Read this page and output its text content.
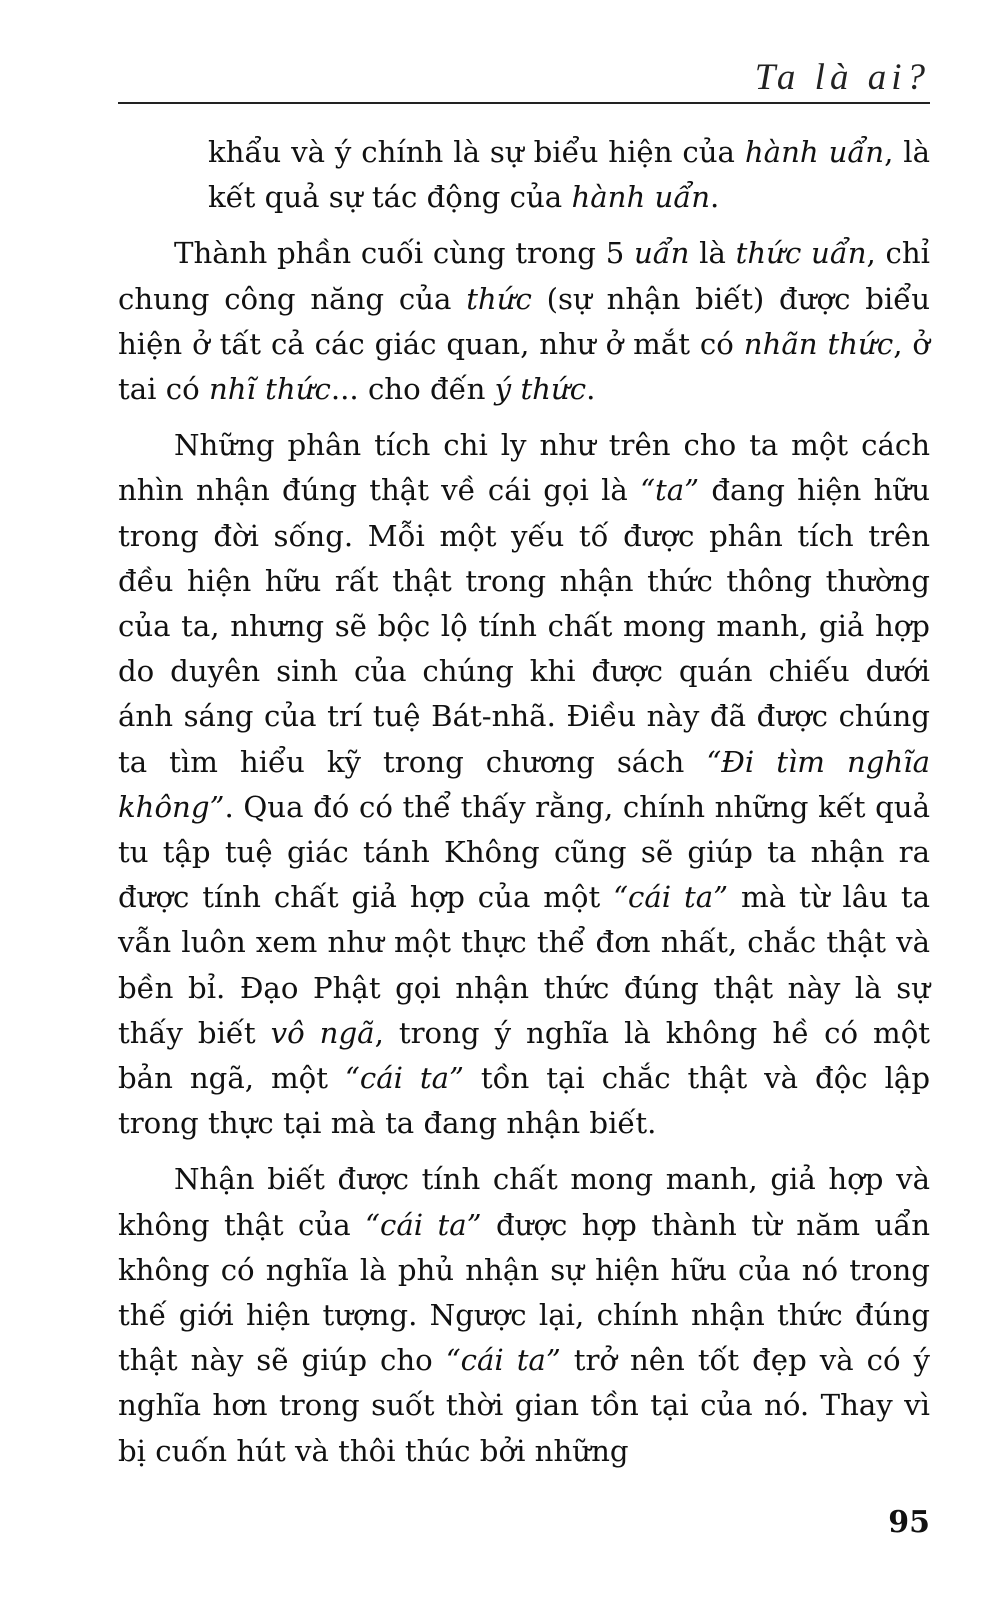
Ta là ai?

khẩu và ý chính là sự biểu hiện của hành uẩn, là kết quả sự tác động của hành uẩn.

Thành phần cuối cùng trong 5 uẩn là thức uẩn, chỉ chung công năng của thức (sự nhận biết) được biểu hiện ở tất cả các giác quan, như ở mắt có nhãn thức, ở tai có nhĩ thức... cho đến ý thức.

Những phân tích chi ly như trên cho ta một cách nhìn nhận đúng thật về cái gọi là “ta” đang hiện hữu trong đời sống. Mỗi một yếu tố được phân tích trên đều hiện hữu rất thật trong nhận thức thông thường của ta, nhưng sẽ bộc lộ tính chất mong manh, giả hợp do duyên sinh của chúng khi được quán chiếu dưới ánh sáng của trí tuệ Bát-nhã. Điều này đã được chúng ta tìm hiểu kỹ trong chương sách “Đi tìm nghĩa không”. Qua đó có thể thấy rằng, chính những kết quả tu tập tuệ giác tánh Không cũng sẽ giúp ta nhận ra được tính chất giả hợp của một “cái ta” mà từ lâu ta vẫn luôn xem như một thực thể đơn nhất, chắc thật và bền bỉ. Đạo Phật gọi nhận thức đúng thật này là sự thấy biết vô ngã, trong ý nghĩa là không hề có một bản ngã, một “cái ta” tồn tại chắc thật và độc lập trong thực tại mà ta đang nhận biết.

Nhận biết được tính chất mong manh, giả hợp và không thật của “cái ta” được hợp thành từ năm uẩn không có nghĩa là phủ nhận sự hiện hữu của nó trong thế giới hiện tượng. Ngược lại, chính nhận thức đúng thật này sẽ giúp cho “cái ta” trở nên tốt đẹp và có ý nghĩa hơn trong suốt thời gian tồn tại của nó. Thay vì bị cuốn hút và thôi thúc bởi những

95
